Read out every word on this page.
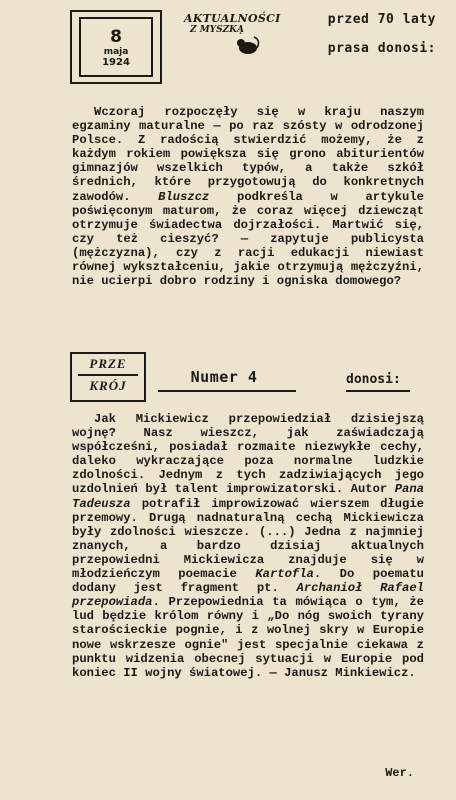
8
maja
1924
AKTUALNOŚCI
Z MYSZKĄ
przed 70 laty
prasa donosi:

Wczoraj rozpoczęły się w kraju naszym egzaminy maturalne — po raz szósty w odrodzonej Polsce. Z radością stwierdzić możemy, że z każdym rokiem powiększa się grono abiturientów gimnazjów wszelkich typów, a także szkół średnich, które przygotowują do konkretnych zawodów. Bluszcz podkreśla w artykule poświęconym maturom, że coraz więcej dziewcząt otrzymuje świadectwa dojrzałości. Martwić się, czy też cieszyć? — zapytuje publicysta (mężczyzna), czy z racji edukacji niewiast równej wykształceniu, jakie otrzymują mężczyźni, nie ucierpi dobro rodziny i ogniska domowego?

PRZE
KRÓJ	Numer 4	donosi:

Jak Mickiewicz przepowiedział dzisiejszą wojnę? Nasz wieszcz, jak zaświadczają współcześni, posiadał rozmaite niezwykłe cechy, daleko wykraczające poza normalne ludzkie zdolności. Jednym z tych zadziwiających jego uzdolnień był talent improwizatorski. Autor Pana Tadeusza potrafił improwizować wierszem długie przemowy. Drugą nadnaturalną cechą Mickiewicza były zdolności wieszcze. (...) Jedna z najmniej znanych, a bardzo dzisiaj aktualnych przepowiedni Mickiewicza znajduje się w młodzieńczym poemacie Kartofla. Do poematu dodany jest fragment pt. Archanioł Rafael przepowiada. Przepowiednia ta mówiąca o tym, że lud będzie królom równy i „Do nóg swoich tyrany starościeckie pognie, i z wolnej skry w Europie nowe wskrzesze ognie" jest specjalnie ciekawa z punktu widzenia obecnej sytuacji w Europie pod koniec II wojny światowej. — Janusz Minkiewicz.

Wer.
